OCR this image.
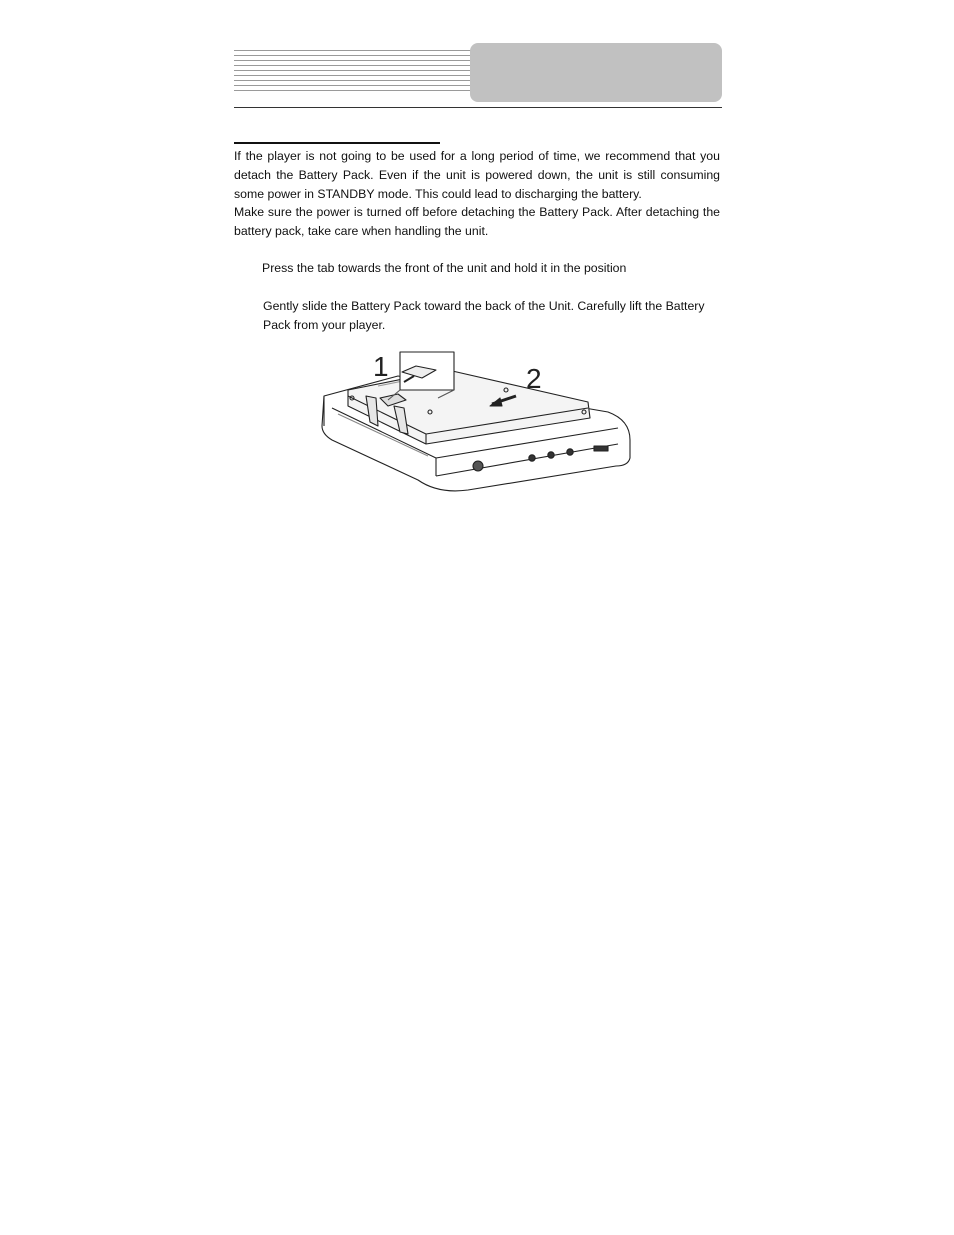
If the player is not going to be used for a long period of time, we recommend that you detach the Battery Pack. Even if the unit is powered down, the unit is still consuming some power in STANDBY mode. This could lead to discharging the battery.

Make sure the power is turned off before detaching the Battery Pack. After detaching the battery pack, take care when handling the unit.

Press the tab towards the front of the unit and hold it in the position
Gently slide the Battery Pack toward the back of the Unit. Carefully lift the Battery Pack from your player.
1	2
